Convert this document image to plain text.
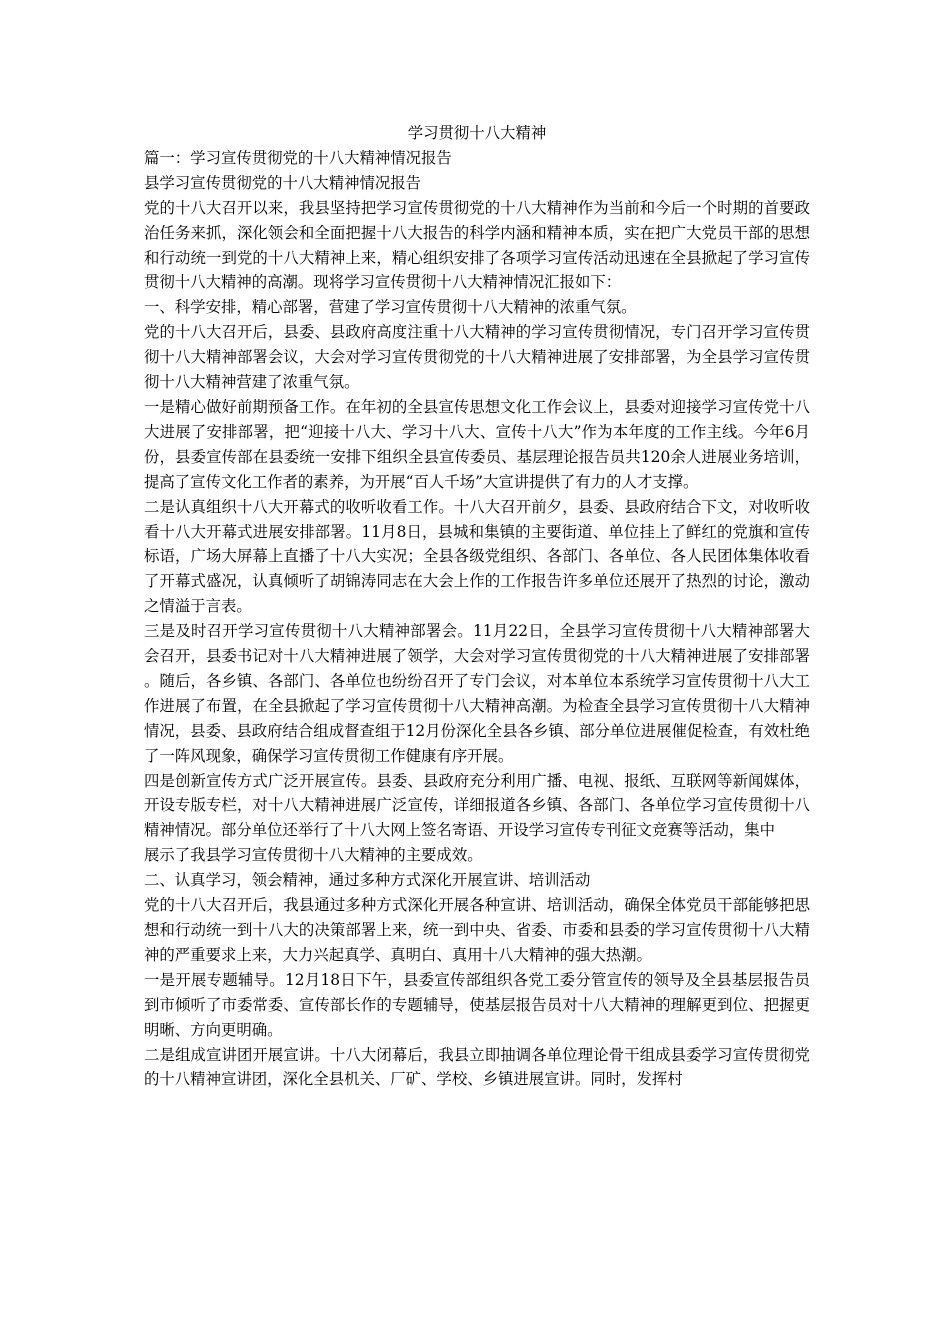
学习贯彻十八大精神

篇一：学习宣传贯彻党的十八大精神情况报告

县学习宣传贯彻党的十八大精神情况报告

党的十八大召开以来，我县坚持把学习宣传贯彻党的十八大精神作为当前和今后一个时期的首要政治任务来抓，深化领会和全面把握十八大报告的科学内涵和精神本质，实在把广大党员干部的思想和行动统一到党的十八大精神上来，精心组织安排了各项学习宣传活动迅速在全县掀起了学习宣传贯彻十八大精神的高潮。现将学习宣传贯彻十八大精神情况汇报如下：

一、科学安排，精心部署，营建了学习宣传贯彻十八大精神的浓重气氛。

党的十八大召开后，县委、县政府高度注重十八大精神的学习宣传贯彻情况，专门召开学习宣传贯彻十八大精神部署会议，大会对学习宣传贯彻党的十八大精神进展了安排部署，为全县学习宣传贯彻十八大精神营建了浓重气氛。

一是精心做好前期预备工作。在年初的全县宣传思想文化工作会议上，县委对迎接学习宣传党十八大进展了安排部署，把“迎接十八大、学习十八大、宣传十八大”作为本年度的工作主线。今年6月份，县委宣传部在县委统一安排下组织全县宣传委员、基层理论报告员共120余人进展业务培训，提高了宣传文化工作者的素养，为开展“百人千场”大宣讲提供了有力的人才支撑。

二是认真组织十八大开幕式的收听收看工作。十八大召开前夕，县委、县政府结合下文，对收听收看十八大开幕式进展安排部署。11月8日，县城和集镇的主要街道、单位挂上了鲜红的党旗和宣传标语，广场大屏幕上直播了十八大实况；全县各级党组织、各部门、各单位、各人民团体集体收看了开幕式盛况，认真倾听了胡锦涛同志在大会上作的工作报告许多单位还展开了热烈的讨论，激动之情溢于言表。

三是及时召开学习宣传贯彻十八大精神部署会。11月22日，全县学习宣传贯彻十八大精神部署大会召开，县委书记对十八大精神进展了领学，大会对学习宣传贯彻党的十八大精神进展了安排部署。随后，各乡镇、各部门、各单位也纷纷召开了专门会议，对本单位本系统学习宣传贯彻十八大工作进展了布置，在全县掀起了学习宣传贯彻十八大精神高潮。为检查全县学习宣传贯彻十八大精神情况，县委、县政府结合组成督查组于12月份深化全县各乡镇、部分单位进展催促检查，有效杜绝了一阵风现象，确保学习宣传贯彻工作健康有序开展。

四是创新宣传方式广泛开展宣传。县委、县政府充分利用广播、电视、报纸、互联网等新闻媒体，开设专版专栏，对十八大精神进展广泛宣传，详细报道各乡镇、各部门、各单位学习宣传贯彻十八精神情况。部分单位还举行了十八大网上签名寄语、开设学习宣传专刊征文竞赛等活动，集中

展示了我县学习宣传贯彻十八大精神的主要成效。

二、认真学习，领会精神，通过多种方式深化开展宣讲、培训活动

党的十八大召开后，我县通过多种方式深化开展各种宣讲、培训活动，确保全体党员干部能够把思想和行动统一到十八大的决策部署上来，统一到中央、省委、市委和县委的学习宣传贯彻十八大精神的严重要求上来，大力兴起真学、真明白、真用十八大精神的强大热潮。

一是开展专题辅导。12月18日下午，县委宣传部组织各党工委分管宣传的领导及全县基层报告员到市倾听了市委常委、宣传部长作的专题辅导，使基层报告员对十八大精神的理解更到位、把握更明晰、方向更明确。

二是组成宣讲团开展宣讲。十八大闭幕后，我县立即抽调各单位理论骨干组成县委学习宣传贯彻党的十八精神宣讲团，深化全县机关、厂矿、学校、乡镇进展宣讲。同时，发挥村
